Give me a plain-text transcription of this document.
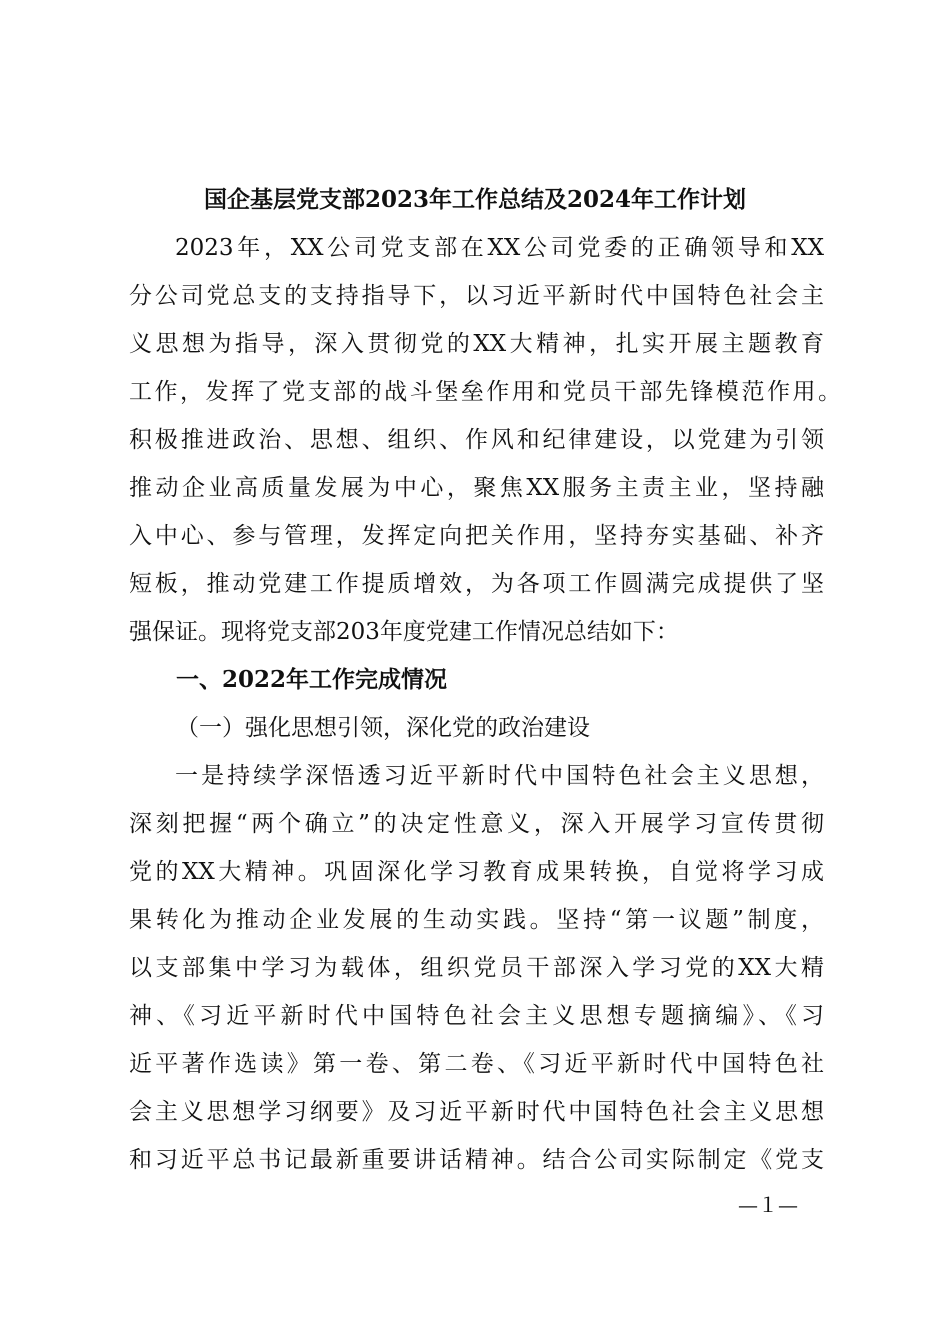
国企基层党支部2023年工作总结及2024年工作计划
2023年，XX公司党支部在XX公司党委的正确领导和XX
分公司党总支的支持指导下，以习近平新时代中国特色社会主
义思想为指导，深入贯彻党的XX大精神，扎实开展主题教育
工作，发挥了党支部的战斗堡垒作用和党员干部先锋模范作用。
积极推进政治、思想、组织、作风和纪律建设，以党建为引领
推动企业高质量发展为中心，聚焦XX服务主责主业，坚持融
入中心、参与管理，发挥定向把关作用，坚持夯实基础、补齐
短板，推动党建工作提质增效，为各项工作圆满完成提供了坚
强保证。现将党支部203年度党建工作情况总结如下：
一、2022年工作完成情况
（一）强化思想引领，深化党的政治建设
一是持续学深悟透习近平新时代中国特色社会主义思想，
深刻把握“两个确立”的决定性意义，深入开展学习宣传贯彻
党的XX大精神。巩固深化学习教育成果转换，自觉将学习成
果转化为推动企业发展的生动实践。坚持“第一议题”制度，
以支部集中学习为载体，组织党员干部深入学习党的XX大精
神、《习近平新时代中国特色社会主义思想专题摘编》、《习
近平著作选读》第一卷、第二卷、《习近平新时代中国特色社
会主义思想学习纲要》及习近平新时代中国特色社会主义思想
和习近平总书记最新重要讲话精神。结合公司实际制定《党支
—１—
